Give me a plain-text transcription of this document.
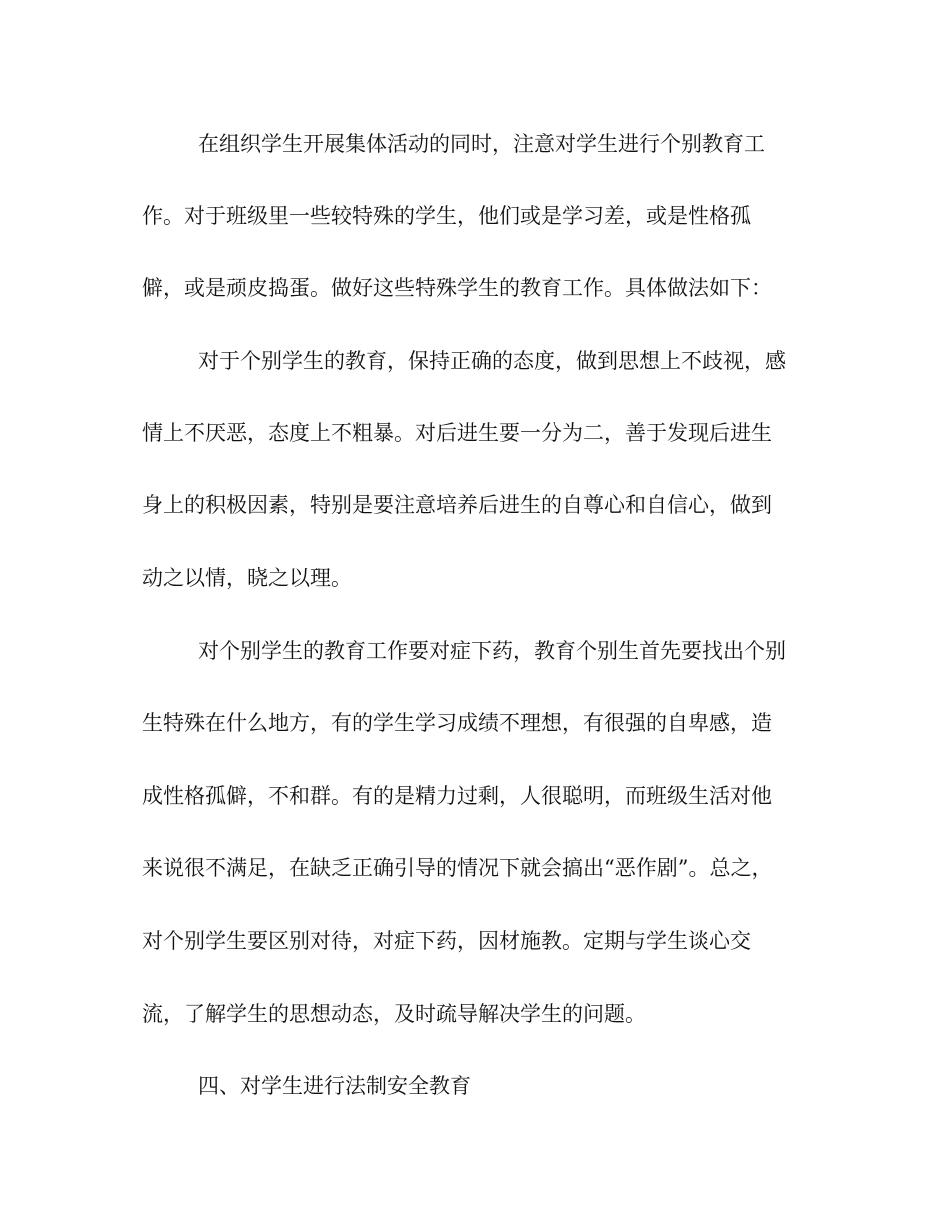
在组织学生开展集体活动的同时，注意对学生进行个别教育工
作。对于班级里一些较特殊的学生，他们或是学习差，或是性格孤
僻，或是顽皮捣蛋。做好这些特殊学生的教育工作。具体做法如下：
对于个别学生的教育，保持正确的态度，做到思想上不歧视，感
情上不厌恶，态度上不粗暴。对后进生要一分为二，善于发现后进生
身上的积极因素，特别是要注意培养后进生的自尊心和自信心，做到
动之以情，晓之以理。
对个别学生的教育工作要对症下药，教育个别生首先要找出个别
生特殊在什么地方，有的学生学习成绩不理想，有很强的自卑感，造
成性格孤僻，不和群。有的是精力过剩，人很聪明，而班级生活对他
来说很不满足，在缺乏正确引导的情况下就会搞出“恶作剧”。总之，
对个别学生要区别对待，对症下药，因材施教。定期与学生谈心交
流，了解学生的思想动态，及时疏导解决学生的问题。
四、对学生进行法制安全教育
